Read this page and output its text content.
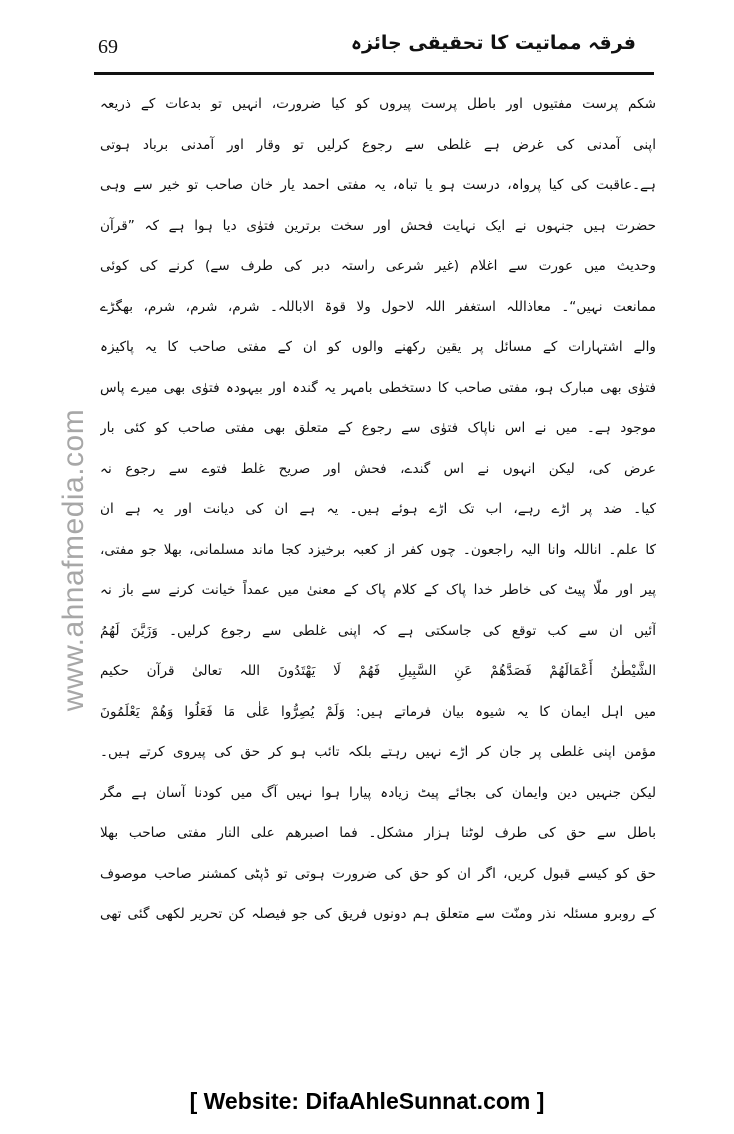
69	فرقہ مماتیت کا تحقیقی جائزہ
www.ahnafmedia.com
شکم پرست مفتیوں اور باطل پرست پیروں کو کیا ضرورت، انہیں تو بدعات کے ذریعہ
اپنی آمدنی کی غرض ہے غلطی سے رجوع کرلیں تو وقار اور آمدنی برباد ہوتی
ہے۔عاقبت کی کیا پرواہ، درست ہو یا تباہ، یہ مفتی احمد یار خان صاحب تو خیر سے وہی
حضرت ہیں جنہوں نے ایک نہایت فحش اور سخت برترین فتوٰی دیا ہوا ہے کہ ”قرآن
وحدیث میں عورت سے اغلام (غیر شرعی راستہ دبر کی طرف سے) کرنے کی کوئی
ممانعت نہیں“۔ معاذاللہ استغفر اللہ لاحول ولا قوۃ الاباللہ۔ شرم، شرم، شرم، بھگڑے
والے اشتہارات کے مسائل پر یقین رکھنے والوں کو ان کے مفتی صاحب کا یہ پاکیزہ
فتوٰی بھی مبارک ہو، مفتی صاحب کا دستخطی بامہر یہ گندہ اور بیہودہ فتوٰی بھی میرے پاس
موجود ہے۔ میں نے اس ناپاک فتوٰی سے رجوع کے متعلق بھی مفتی صاحب کو کئی بار
عرض کی، لیکن انہوں نے اس گندے، فحش اور صریح غلط فتوے سے رجوع نہ
کیا۔ ضد پر اڑے رہے، اب تک اڑے ہوئے ہیں۔ یہ ہے ان کی دیانت اور یہ ہے ان
کا علم۔ اناللہ وانا الیہ راجعون۔ چوں کفر از کعبہ برخیزد کجا ماند مسلمانی، بھلا جو مفتی،
پیر اور ملّا پیٹ کی خاطر خدا پاک کے کلام پاک کے معنیٰ میں عمداً خیانت کرنے سے باز نہ
آئیں ان سے کب توقع کی جاسکتی ہے کہ اپنی غلطی سے رجوع کرلیں۔ وَزَيَّنَ لَهُمُ
الشَّيْطٰنُ أَعْمَالَهُمْ فَصَدَّهُمْ عَنِ السَّبِيلِ فَهُمْ لَا يَهْتَدُونَ اللہ تعالیٰ قرآن حکیم
میں اہل ایمان کا یہ شیوہ بیان فرماتے ہیں: وَلَمْ يُصِرُّوا عَلٰى مَا فَعَلُوا وَهُمْ يَعْلَمُونَ
مؤمن اپنی غلطی پر جان کر اڑے نہیں رہتے بلکہ تائب ہو کر حق کی پیروی کرتے ہیں۔
لیکن جنہیں دین وایمان کی بجائے پیٹ زیادہ پیارا ہوا نہیں آگ میں کودنا آسان ہے مگر
باطل سے حق کی طرف لوٹنا ہزار مشکل۔ فما اصبرھم علی النار مفتی صاحب بھلا
حق کو کیسے قبول کریں، اگر ان کو حق کی ضرورت ہوتی تو ڈپٹی کمشنر صاحب موصوف
کے روبرو مسئلہ نذر ومنّت سے متعلق ہم دونوں فریق کی جو فیصلہ کن تحریر لکھی گئی تھی
[ Website: DifaAhleSunnat.com ]
